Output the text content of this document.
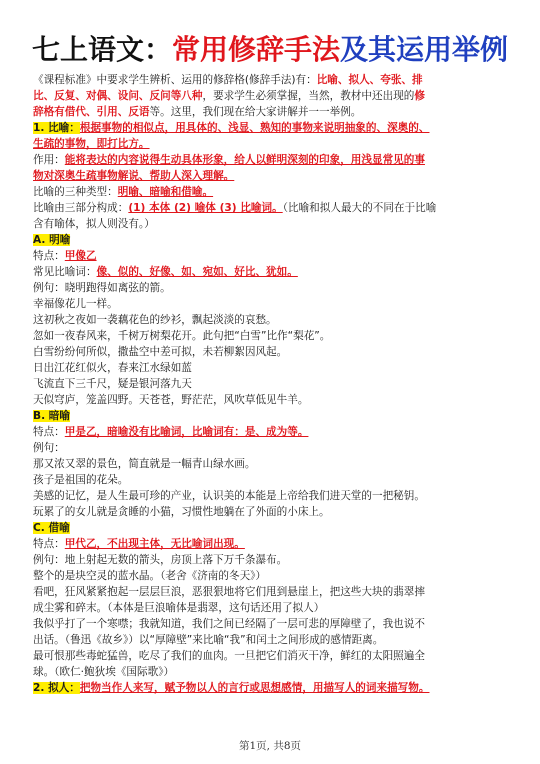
七上语文：常用修辞手法及其运用举例
《课程标准》中要求学生辨析、运用的修辞格(修辞手法)有：比喻、拟人、夸张、排
比、反复、对偶、设问、反问等八种，要求学生必须掌握，当然，教材中还出现的修
辞格有借代、引用、反语等。这里，我们现在给大家讲解并一一举例。
1. 比喻：根据事物的相似点，用具体的、浅显、熟知的事物来说明抽象的、深奥的、
生疏的事物，即打比方。
作用：能将表达的内容说得生动具体形象，给人以鲜明深刻的印象，用浅显常见的事
物对深奥生疏事物解说、帮助人深入理解。
比喻的三种类型：明喻、暗喻和借喻。
比喻由三部分构成：(1) 本体 (2) 喻体 (3) 比喻词。（比喻和拟人最大的不同在于比喻
含有喻体，拟人则没有。）
A. 明喻
特点：甲像乙
常见比喻词：像、似的、好像、如、宛如、好比、犹如。
例句：晓明跑得如离弦的箭。
幸福像花儿一样。
这初秋之夜如一袭藕花色的纱衫，飘起淡淡的哀愁。
忽如一夜春风来，千树万树梨花开。此句把“白雪”比作“梨花”。
白雪纷纷何所似，撒盐空中差可拟，未若柳絮因风起。
日出江花红似火，春来江水绿如蓝
飞流直下三千尺，疑是银河落九天
天似穹庐，笼盖四野。天苍苍，野茫茫，风吹草低见牛羊。
B. 暗喻
特点：甲是乙，暗喻没有比喻词，比喻词有：是、成为等。
例句：
那又浓又翠的景色，简直就是一幅青山绿水画。
孩子是祖国的花朵。
美感的记忆，是人生最可珍的产业，认识美的本能是上帝给我们进天堂的一把秘钥。
玩累了的女儿就是贪睡的小猫，习惯性地躺在了外面的小床上。
C. 借喻
特点：甲代乙，不出现主体，无比喻词出现。
例句：地上射起无数的箭头，房顶上落下万千条瀑布。
整个的是块空灵的蓝水晶。（老舍《济南的冬天》）
看吧，狂风紧紧抱起一层层巨浪，恶狠狠地将它们甩到悬崖上，把这些大块的翡翠摔
成尘雾和碎末。（本体是巨浪喻体是翡翠，这句话还用了拟人）
我似乎打了一个寒噤；我就知道，我们之间已经隔了一层可悲的厚障壁了，我也说不
出话。（鲁迅《故乡》）以“厚障壁”来比喻“我”和闰土之间形成的感情距离。
最可恨那些毒蛇猛兽，吃尽了我们的血肉。一旦把它们消灭干净，鲜红的太阳照遍全
球。（欧仁·鲍狄埃《国际歌》）
2. 拟人：把物当作人来写，赋予物以人的言行或思想感情，用描写人的词来描写物。
第1页, 共8页
